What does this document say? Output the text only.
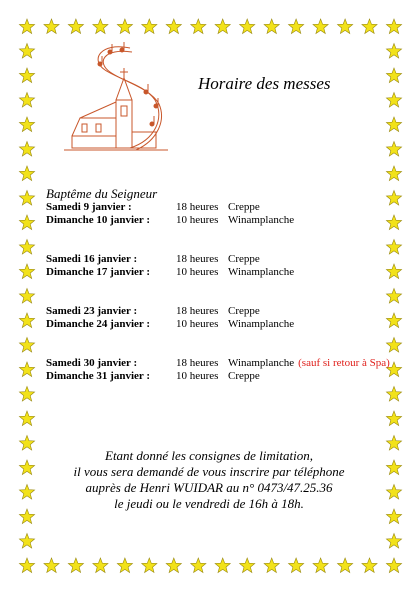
Horaire des messes
Baptême du Seigneur
Samedi 9 janvier :	18 heures Creppe
Dimanche 10 janvier : 10 heures Winamplanche
Samedi 16 janvier :	18 heures Creppe
Dimanche 17 janvier : 10 heures Winamplanche
Samedi 23 janvier :	18 heures Creppe
Dimanche 24 janvier : 10 heures Winamplanche
Samedi 30 janvier :	18 heures Winamplanche (sauf si retour à Spa)
Dimanche 31 janvier : 10 heures Creppe
Etant donné les consignes de limitation,
il vous sera demandé de vous inscrire par téléphone
auprès de Henri WUIDAR au n° 0473/47.25.36
le jeudi ou le vendredi de 16h à 18h.
